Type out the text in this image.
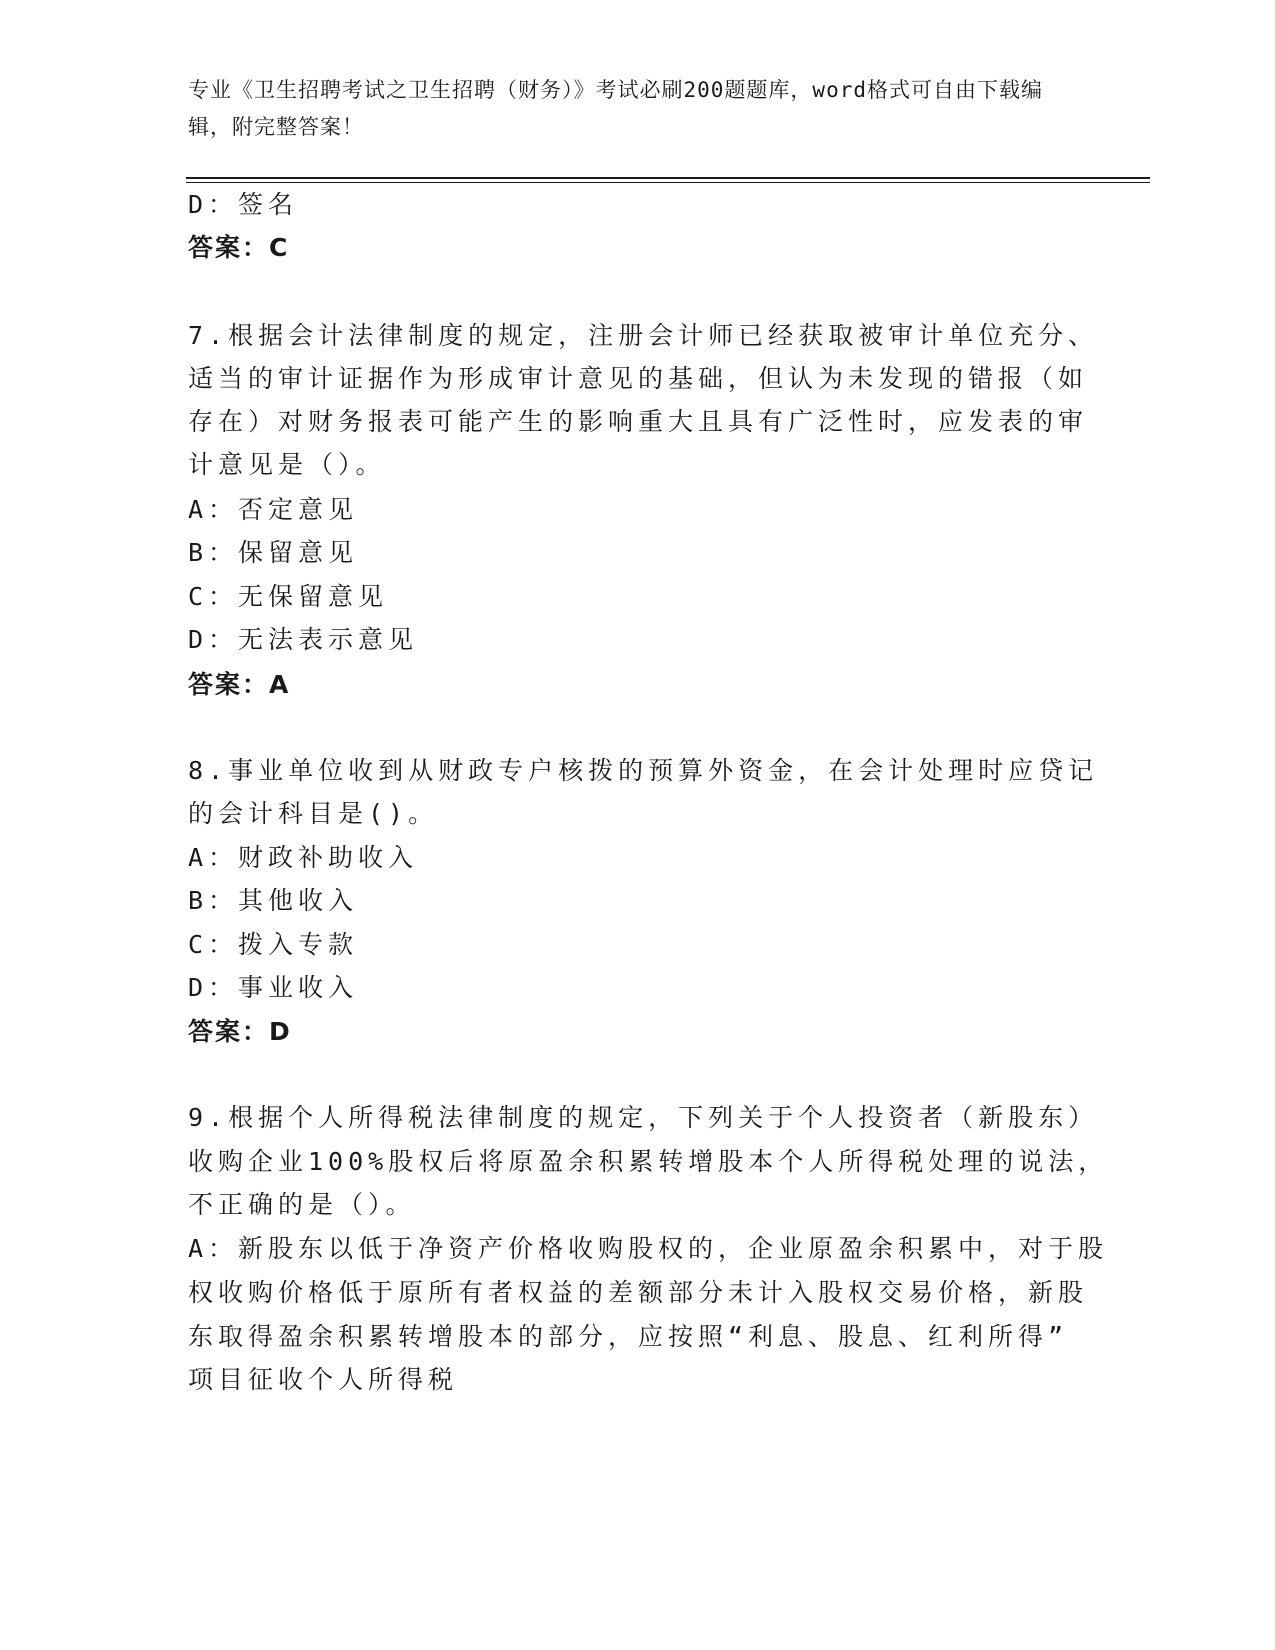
专业《卫生招聘考试之卫生招聘（财务）》考试必刷200题题库，word格式可自由下载编辑，附完整答案！
D：签名
答案：C
7.根据会计法律制度的规定，注册会计师已经获取被审计单位充分、
适当的审计证据作为形成审计意见的基础，但认为未发现的错报（如
存在）对财务报表可能产生的影响重大且具有广泛性时，应发表的审
计意见是（）。
A：否定意见
B：保留意见
C：无保留意见
D：无法表示意见
答案：A
8.事业单位收到从财政专户核拨的预算外资金，在会计处理时应贷记
的会计科目是()。
A：财政补助收入
B：其他收入
C：拨入专款
D：事业收入
答案：D
9.根据个人所得税法律制度的规定，下列关于个人投资者（新股东）
收购企业100%股权后将原盈余积累转增股本个人所得税处理的说法，
不正确的是（）。
A：新股东以低于净资产价格收购股权的，企业原盈余积累中，对于股
权收购价格低于原所有者权益的差额部分未计入股权交易价格，新股
东取得盈余积累转增股本的部分，应按照“利息、股息、红利所得”
项目征收个人所得税
